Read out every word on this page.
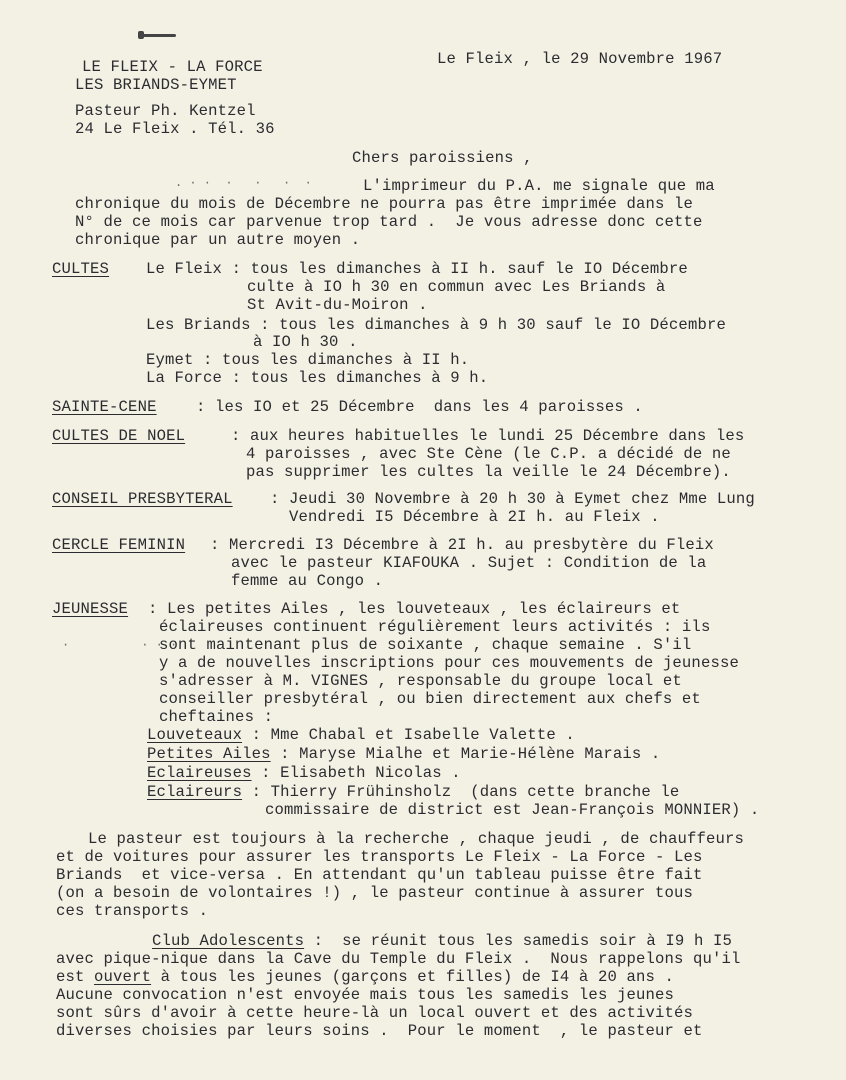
LE FLEIX - LA FORCE
LES BRIANDS-EYMET
Le Fleix , le 29 Novembre 1967
Pasteur Ph. Kentzel
24 Le Fleix . Tél. 36
Chers paroissiens ,
. · ·  ·   ·   ·  ·	L'imprimeur du P.A. me signale que ma
chronique du mois de Décembre ne pourra pas être imprimée dans le
N° de ce mois car parvenue trop tard .  Je vous adresse donc cette
chronique par un autre moyen .
CULTES Le Fleix : tous les dimanches à II h. sauf le IO Décembre
culte à IO h 30 en commun avec Les Briands à
St Avit-du-Moiron .
Les Briands : tous les dimanches à 9 h 30 sauf le IO Décembre
à IO h 30 .
Eymet : tous les dimanches à II h.
La Force : tous les dimanches à 9 h.
SAINTE-CENE	: les IO et 25 Décembre  dans les 4 paroisses .
CULTES DE NOEL	: aux heures habituelles le lundi 25 Décembre dans les
4 paroisses , avec Ste Cène (le C.P. a décidé de ne
pas supprimer les cultes la veille le 24 Décembre).
CONSEIL PRESBYTERAL : Jeudi 30 Novembre à 20 h 30 à Eymet chez Mme Lung
Vendredi I5 Décembre à 2I h. au Fleix .
CERCLE FEMININ : Mercredi I3 Décembre à 2I h. au presbytère du Fleix
avec le pasteur KIAFOUKA . Sujet : Condition de la
femme au Congo .
JEUNESSE : Les petites Ailes , les louveteaux , les éclaireurs et
éclaireuses continuent régulièrement leurs activités : ils
·          · · ·
sont maintenant plus de soixante , chaque semaine . S'il
y a de nouvelles inscriptions pour ces mouvements de jeunesse
s'adresser à M. VIGNES , responsable du groupe local et
conseiller presbytéral , ou bien directement aux chefs et
cheftaines :
Louveteaux : Mme Chabal et Isabelle Valette .
Petites Ailes : Maryse Mialhe et Marie-Hélène Marais .
Eclaireuses : Elisabeth Nicolas .
Eclaireurs : Thierry Frühinsholz  (dans cette branche le
commissaire de district est Jean-François MONNIER) .
Le pasteur est toujours à la recherche , chaque jeudi , de chauffeurs
et de voitures pour assurer les transports Le Fleix - La Force - Les
Briands  et vice-versa . En attendant qu'un tableau puisse être fait
(on a besoin de volontaires !) , le pasteur continue à assurer tous
ces transports .
Club Adolescents :  se réunit tous les samedis soir à I9 h I5
avec pique-nique dans la Cave du Temple du Fleix .  Nous rappelons qu'il
est ouvert à tous les jeunes (garçons et filles) de I4 à 20 ans .
Aucune convocation n'est envoyée mais tous les samedis les jeunes
sont sûrs d'avoir à cette heure-là un local ouvert et des activités
diverses choisies par leurs soins .  Pour le moment  , le pasteur et
